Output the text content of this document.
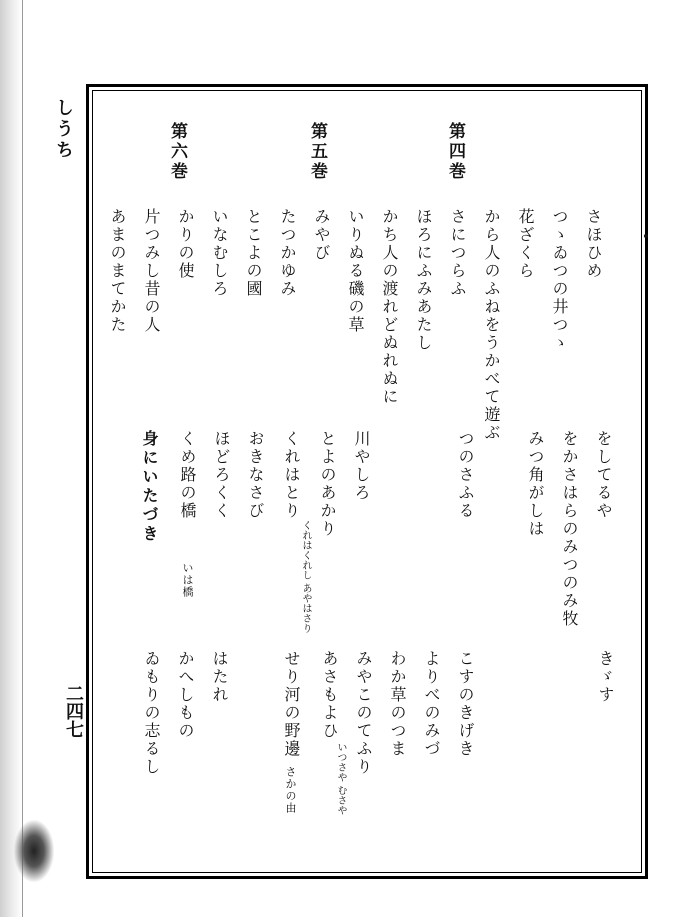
しうち
二四七
第四巻
第五巻
第六巻
さほひめ
つゝゐつの井つゝ
花ざくら
から人のふねをうかべて遊ぶ
さにつらふ
ほろにふみあたし
かち人の渡れどぬれぬに
いりぬる磯の草
みやび
たつかゆみ
とこよの國
いなむしろ
かりの使
片つみし昔の人
あまのまてかた
をしてるや
をかさはらのみつのみ牧
みつ角がしは
つのさふる
川やしろ
とよのあかり
くれはとり
くれはくれし あやはさり
おきなさび
ほどろくく
くめ路の橋
いは橋
身にいたづき
きゞす
こすのきげき
よりべのみづ
わか草のつま
みやこのてふり
あさもよひ
いつさや むさや
せり河の野邊
さかの由
はたれ
かへしもの
ゐもりの志るし
